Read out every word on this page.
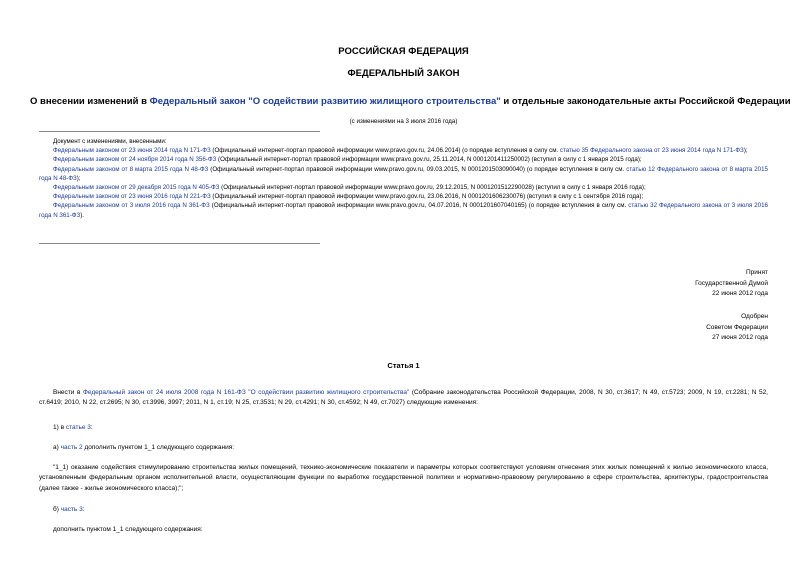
РОССИЙСКАЯ ФЕДЕРАЦИЯ
ФЕДЕРАЛЬНЫЙ ЗАКОН
О внесении изменений в Федеральный закон "О содействии развитию жилищного строительства" и отдельные законодательные акты Российской Федерации
(с изменениями на 3 июля 2016 года)

Документ с изменениями, внесенными:

Федеральным законом от 23 июня 2014 года N 171-ФЗ (Официальный интернет-портал правовой информации www.pravo.gov.ru, 24.06.2014) (о порядке вступления в силу см. статью 35 Федерального закона от 23 июня 2014 года N 171-ФЗ);

Федеральным законом от 24 ноября 2014 года N 356-ФЗ (Официальный интернет-портал правовой информации www.pravo.gov.ru, 25.11.2014, N 0001201411250002) (вступил в силу с 1 января 2015 года);

Федеральным законом от 8 марта 2015 года N 48-ФЗ (Официальный интернет-портал правовой информации www.pravo.gov.ru, 09.03.2015, N 0001201503090040) (о порядке вступления в силу см. статью 12 Федерального закона от 8 марта 2015 года N 48-ФЗ);

Федеральным законом от 29 декабря 2015 года N 405-ФЗ (Официальный интернет-портал правовой информации www.pravo.gov.ru, 29.12.2015, N 0001201512290028) (вступил в силу с 1 января 2016 года);

Федеральным законом от 23 июня 2016 года N 221-ФЗ (Официальный интернет-портал правовой информации www.pravo.gov.ru, 23.06.2016, N 0001201606230076) (вступил в силу с 1 сентября 2016 года);

Федеральным законом от 3 июля 2016 года N 361-ФЗ (Официальный интернет-портал правовой информации www.pravo.gov.ru, 04.07.2016, N 0001201607040165) (о порядке вступления в силу см. статью 32 Федерального закона от 3 июля 2016 года N 361-ФЗ).

Принят
Государственной Думой
22 июня 2012 года
Одобрен
Советом Федерации
27 июня 2012 года
Статья 1

Внести в Федеральный закон от 24 июля 2008 года N 161-ФЗ "О содействии развитию жилищного строительства" (Собрание законодательства Российской Федерации, 2008, N 30, ст.3617; N 49, ст.5723; 2009, N 19, ст.2281; N 52, ст.6419; 2010, N 22, ст.2695; N 30, ст.3996, 3997; 2011, N 1, ст.19; N 25, ст.3531; N 29, ст.4291; N 30, ст.4592; N 49, ст.7027) следующие изменения:

1) в статье 3:

а) часть 2 дополнить пунктом 1_1 следующего содержания:

"1_1) оказание содействия стимулированию строительства жилых помещений, технико-экономические показатели и параметры которых соответствуют условиям отнесения этих жилых помещений к жилью экономического класса, установленным федеральным органом исполнительной власти, осуществляющим функции по выработке государственной политики и нормативно-правовому регулированию в сфере строительства, архитектуры, градостроительства (далее также - жилье экономического класса);";

б) часть 3:

дополнить пунктом 1_1 следующего содержания:
